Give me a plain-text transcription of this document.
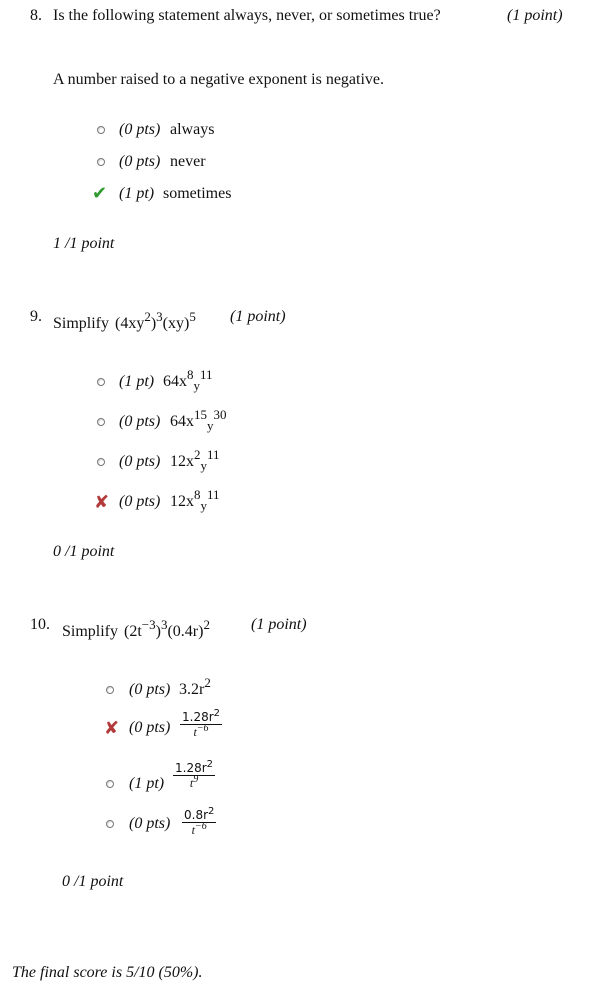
8. Is the following statement always, never, or sometimes true?	(1 point)
A number raised to a negative exponent is negative.
(0 pts) always
(0 pts) never
✔ (1 pt) sometimes
1 /1 point
9. Simplify $(4xy^2)^3(xy)^5$ (1 point)
(1 pt) $64x^8_y^{11}$
(0 pts) $64x^{15}_y^{30}$
(0 pts) $12x^2_y^{11}$
✘ (0 pts) $12x^8_y^{11}$
0 /1 point
10. Simplify $(2t^{-3})^3(0.4r)^2$	(1 point)
(0 pts) $3.2r^2$
✘ (0 $pts) \frac{1.28r^2}{t^{-6}}$
(1 $pt) \frac{1.28r^2}{t^9}$
(0 $pts) \frac{0.8r^2}{t^{-6}}$
0 /1 point
The final score is 5/10 (50%).
